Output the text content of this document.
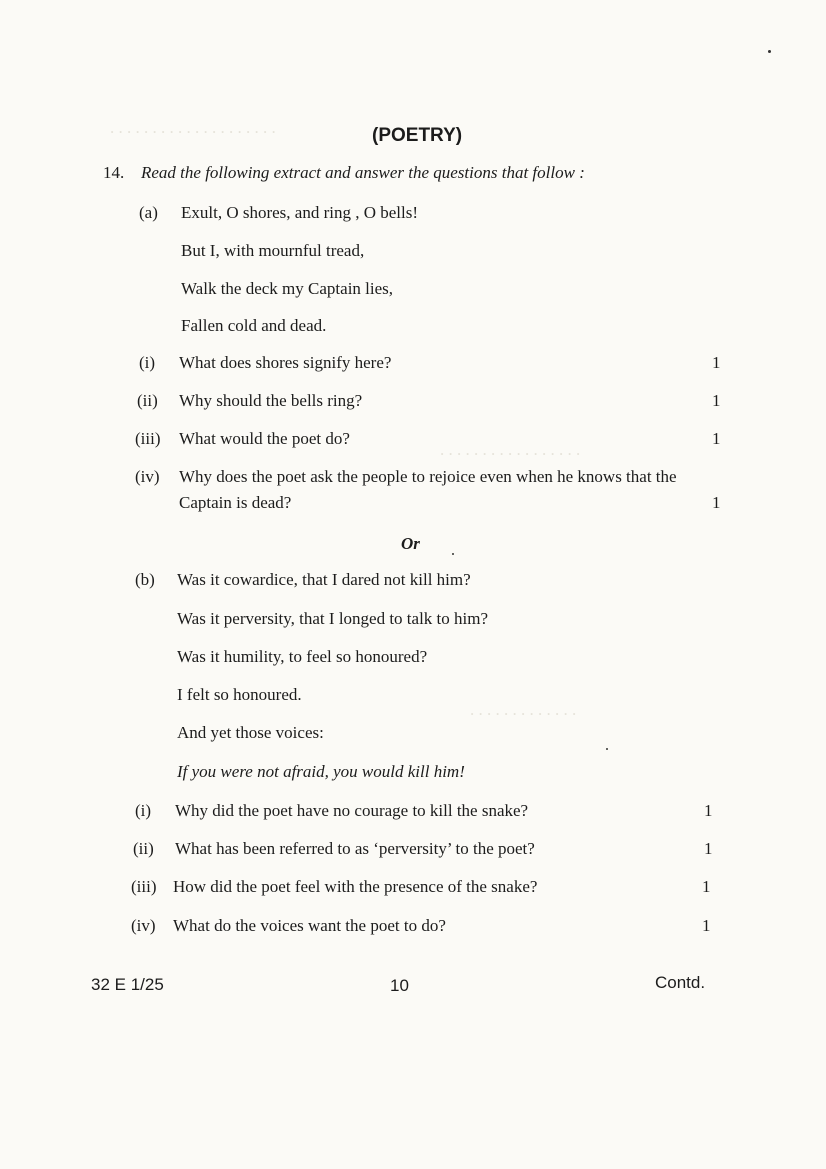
. . . . . . . . . . . . . . . . . . . .
. . . . . . . . . . . . . . . . .
. . . . . . . . . . . . .
(POETRY)
14. Read the following extract and answer the questions that follow :
(a) Exult, O shores, and ring , O bells!
But I, with mournful tread,
Walk the deck my Captain lies,
Fallen cold and dead.
(i) What does shores signify here?	1
(ii) Why should the bells ring?	1
(iii) What would the poet do?	1
(iv) Why does the poet ask the people to rejoice even when he knows that the
Captain is dead?	1
Or
(b) Was it cowardice, that I dared not kill him?
Was it perversity, that I longed to talk to him?
Was it humility, to feel so honoured?
I felt so honoured.
And yet those voices:
If you were not afraid, you would kill him!
(i) Why did the poet have no courage to kill the snake?	1
(ii) What has been referred to as ‘perversity’ to the poet?	1
(iii) How did the poet feel with the presence of the snake?	1
(iv) What do the voices want the poet to do?	1
32 E 1/25	10	Contd.
